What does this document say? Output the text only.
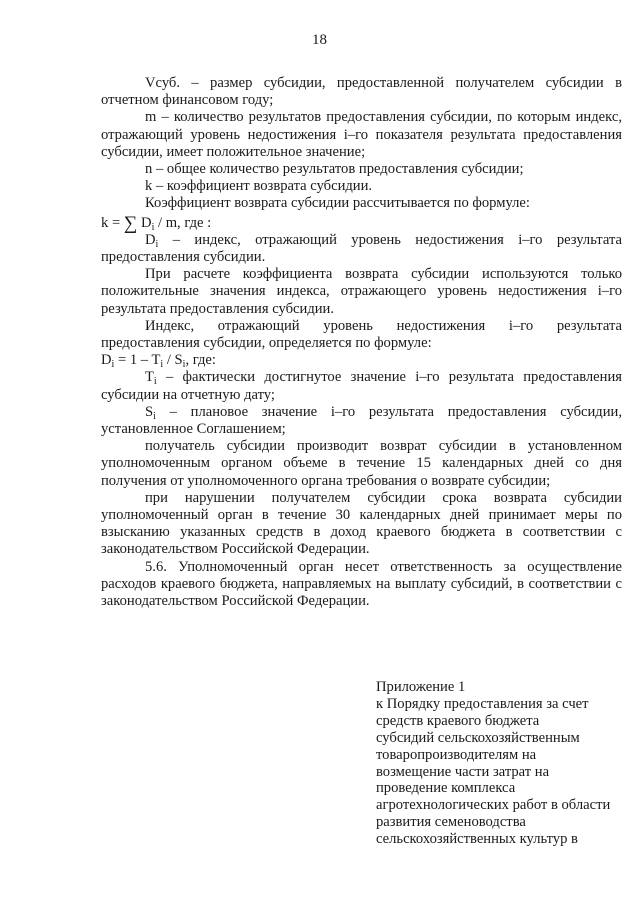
18

Vсуб. – размер субсидии, предоставленной получателем субсидии в отчетном финансовом году;

m – количество результатов предоставления субсидии, по которым индекс, отражающий уровень недостижения i–го показателя результата предоставления субсидии, имеет положительное значение;

n – общее количество результатов предоставления субсидии;

k – коэффициент возврата субсидии.

Коэффициент возврата субсидии рассчитывается по формуле:

k = ∑ $D_i$ / m, где :

$D_i$ – индекс, отражающий уровень недостижения i–го результата предоставления субсидии.

При расчете коэффициента возврата субсидии используются только положительные значения индекса, отражающего уровень недостижения i–го результата предоставления субсидии.

Индекс, отражающий уровень недостижения i–го результата предоставления субсидии, определяется по формуле:

$D_i = 1 - T_i / S_i$, где:

$T_i$ – фактически достигнутое значение i–го результата предоставления субсидии на отчетную дату;

$S_i$ – плановое значение i–го результата предоставления субсидии, установленное Соглашением;

получатель субсидии производит возврат субсидии в установленном уполномоченным органом объеме в течение 15 календарных дней со дня получения от уполномоченного органа требования о возврате субсидии;

при нарушении получателем субсидии срока возврата субсидии уполномоченный орган в течение 30 календарных дней принимает меры по взысканию указанных средств в доход краевого бюджета в соответствии с законодательством Российской Федерации.

5.6. Уполномоченный орган несет ответственность за осуществление расходов краевого бюджета, направляемых на выплату субсидий, в соответствии с законодательством Российской Федерации.

Приложение 1

к Порядку предоставления за счет

средств краевого бюджета

субсидий сельскохозяйственным

товаропроизводителям на

возмещение части затрат на

проведение комплекса

агротехнологических работ в области

развития семеноводства

сельскохозяйственных культур в
